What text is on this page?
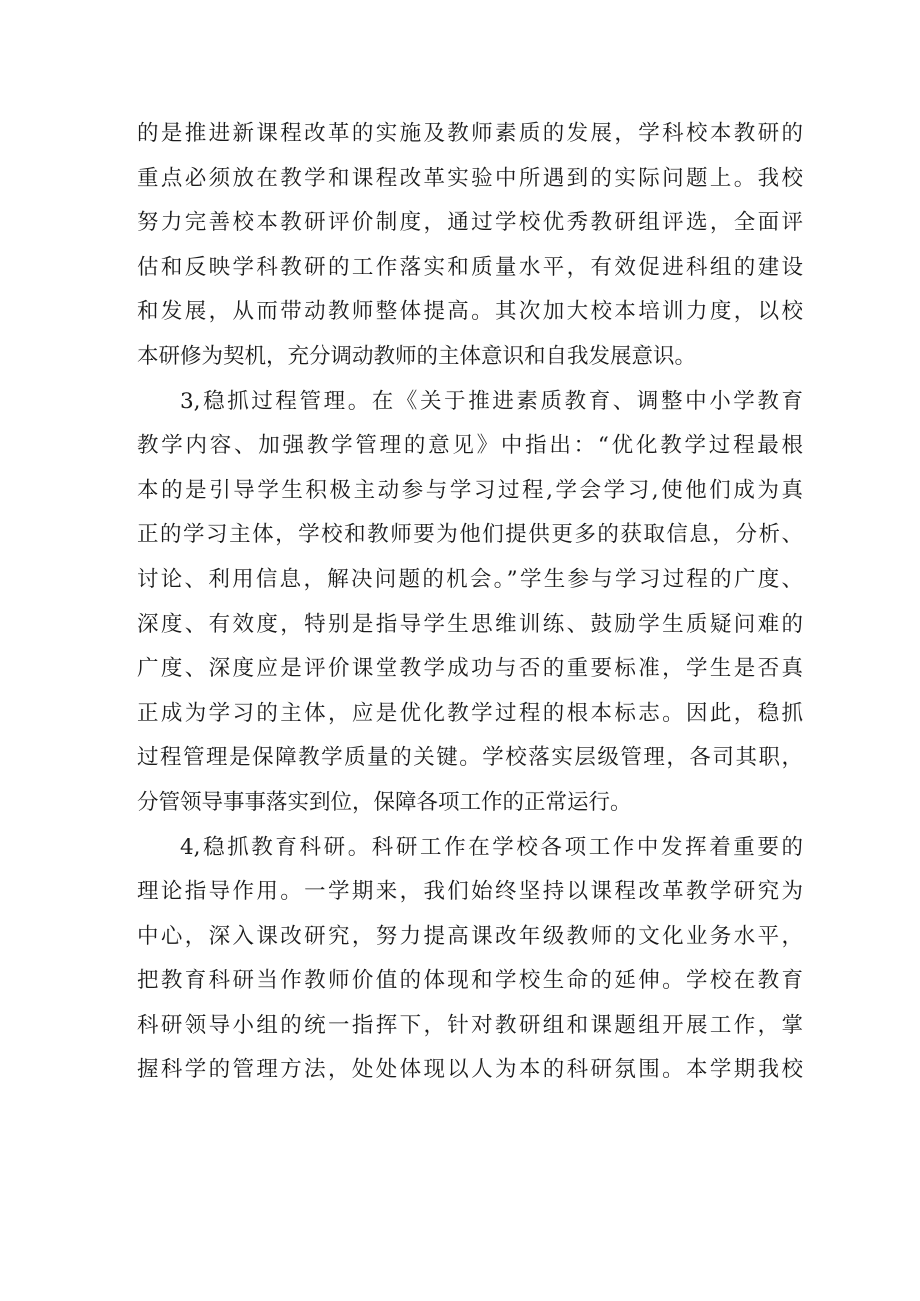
的是推进新课程改革的实施及教师素质的发展，学科校本教研的
重点必须放在教学和课程改革实验中所遇到的实际问题上。我校
努力完善校本教研评价制度，通过学校优秀教研组评选，全面评
估和反映学科教研的工作落实和质量水平，有效促进科组的建设
和发展，从而带动教师整体提高。其次加大校本培训力度，以校
本研修为契机，充分调动教师的主体意识和自我发展意识。
3,稳抓过程管理。在《关于推进素质教育、调整中小学教育
教学内容、加强教学管理的意见》中指出：“优化教学过程最根
本的是引导学生积极主动参与学习过程,学会学习,使他们成为真
正的学习主体，学校和教师要为他们提供更多的获取信息，分析、
讨论、利用信息，解决问题的机会。”学生参与学习过程的广度、
深度、有效度，特别是指导学生思维训练、鼓励学生质疑问难的
广度、深度应是评价课堂教学成功与否的重要标准，学生是否真
正成为学习的主体，应是优化教学过程的根本标志。因此，稳抓
过程管理是保障教学质量的关键。学校落实层级管理，各司其职，
分管领导事事落实到位，保障各项工作的正常运行。
4,稳抓教育科研。科研工作在学校各项工作中发挥着重要的
理论指导作用。一学期来，我们始终坚持以课程改革教学研究为
中心，深入课改研究，努力提高课改年级教师的文化业务水平，
把教育科研当作教师价值的体现和学校生命的延伸。学校在教育
科研领导小组的统一指挥下，针对教研组和课题组开展工作，掌
握科学的管理方法，处处体现以人为本的科研氛围。本学期我校
